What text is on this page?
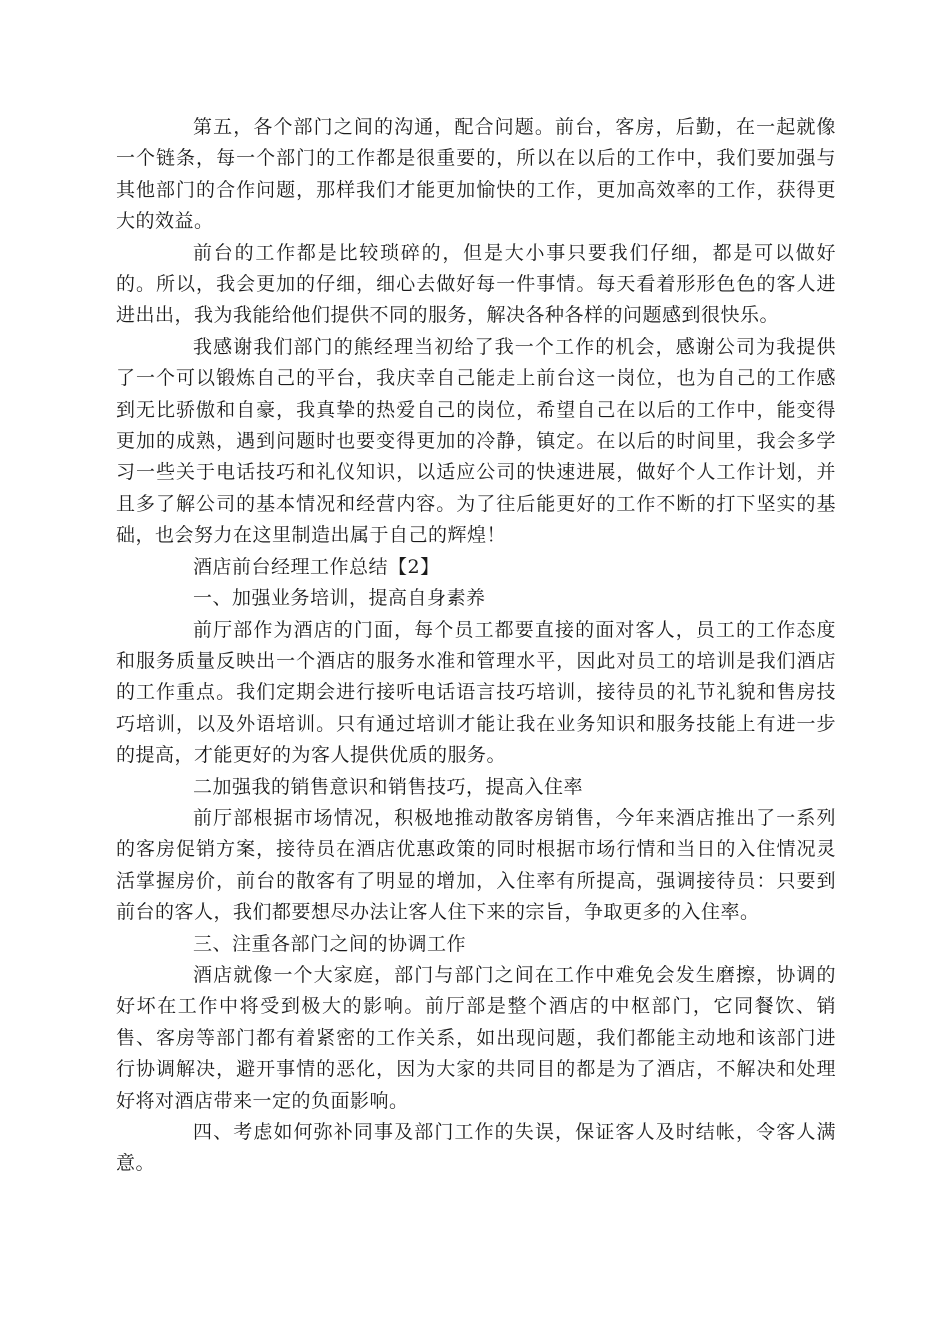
第五，各个部门之间的沟通，配合问题。前台，客房，后勤，在一起就像一个链条，每一个部门的工作都是很重要的，所以在以后的工作中，我们要加强与其他部门的合作问题，那样我们才能更加愉快的工作，更加高效率的工作，获得更大的效益。

前台的工作都是比较琐碎的，但是大小事只要我们仔细，都是可以做好的。所以，我会更加的仔细，细心去做好每一件事情。每天看着形形色色的客人进进出出，我为我能给他们提供不同的服务，解决各种各样的问题感到很快乐。

我感谢我们部门的熊经理当初给了我一个工作的机会，感谢公司为我提供了一个可以锻炼自己的平台，我庆幸自己能走上前台这一岗位，也为自己的工作感到无比骄傲和自豪，我真挚的热爱自己的岗位，希望自己在以后的工作中，能变得更加的成熟，遇到问题时也要变得更加的冷静，镇定。在以后的时间里，我会多学习一些关于电话技巧和礼仪知识，以适应公司的快速进展，做好个人工作计划，并且多了解公司的基本情况和经营内容。为了往后能更好的工作不断的打下坚实的基础，也会努力在这里制造出属于自己的辉煌！

酒店前台经理工作总结【2】

一、加强业务培训，提高自身素养

前厅部作为酒店的门面，每个员工都要直接的面对客人，员工的工作态度和服务质量反映出一个酒店的服务水准和管理水平，因此对员工的培训是我们酒店的工作重点。我们定期会进行接听电话语言技巧培训，接待员的礼节礼貌和售房技巧培训，以及外语培训。只有通过培训才能让我在业务知识和服务技能上有进一步的提高，才能更好的为客人提供优质的服务。

二加强我的销售意识和销售技巧，提高入住率

前厅部根据市场情况，积极地推动散客房销售，今年来酒店推出了一系列的客房促销方案，接待员在酒店优惠政策的同时根据市场行情和当日的入住情况灵活掌握房价，前台的散客有了明显的增加，入住率有所提高，强调接待员：只要到前台的客人，我们都要想尽办法让客人住下来的宗旨，争取更多的入住率。

三、注重各部门之间的协调工作

酒店就像一个大家庭，部门与部门之间在工作中难免会发生磨擦，协调的好坏在工作中将受到极大的影响。前厅部是整个酒店的中枢部门，它同餐饮、销售、客房等部门都有着紧密的工作关系，如出现问题，我们都能主动地和该部门进行协调解决，避开事情的恶化，因为大家的共同目的都是为了酒店，不解决和处理好将对酒店带来一定的负面影响。

四、考虑如何弥补同事及部门工作的失误，保证客人及时结帐，令客人满意。
